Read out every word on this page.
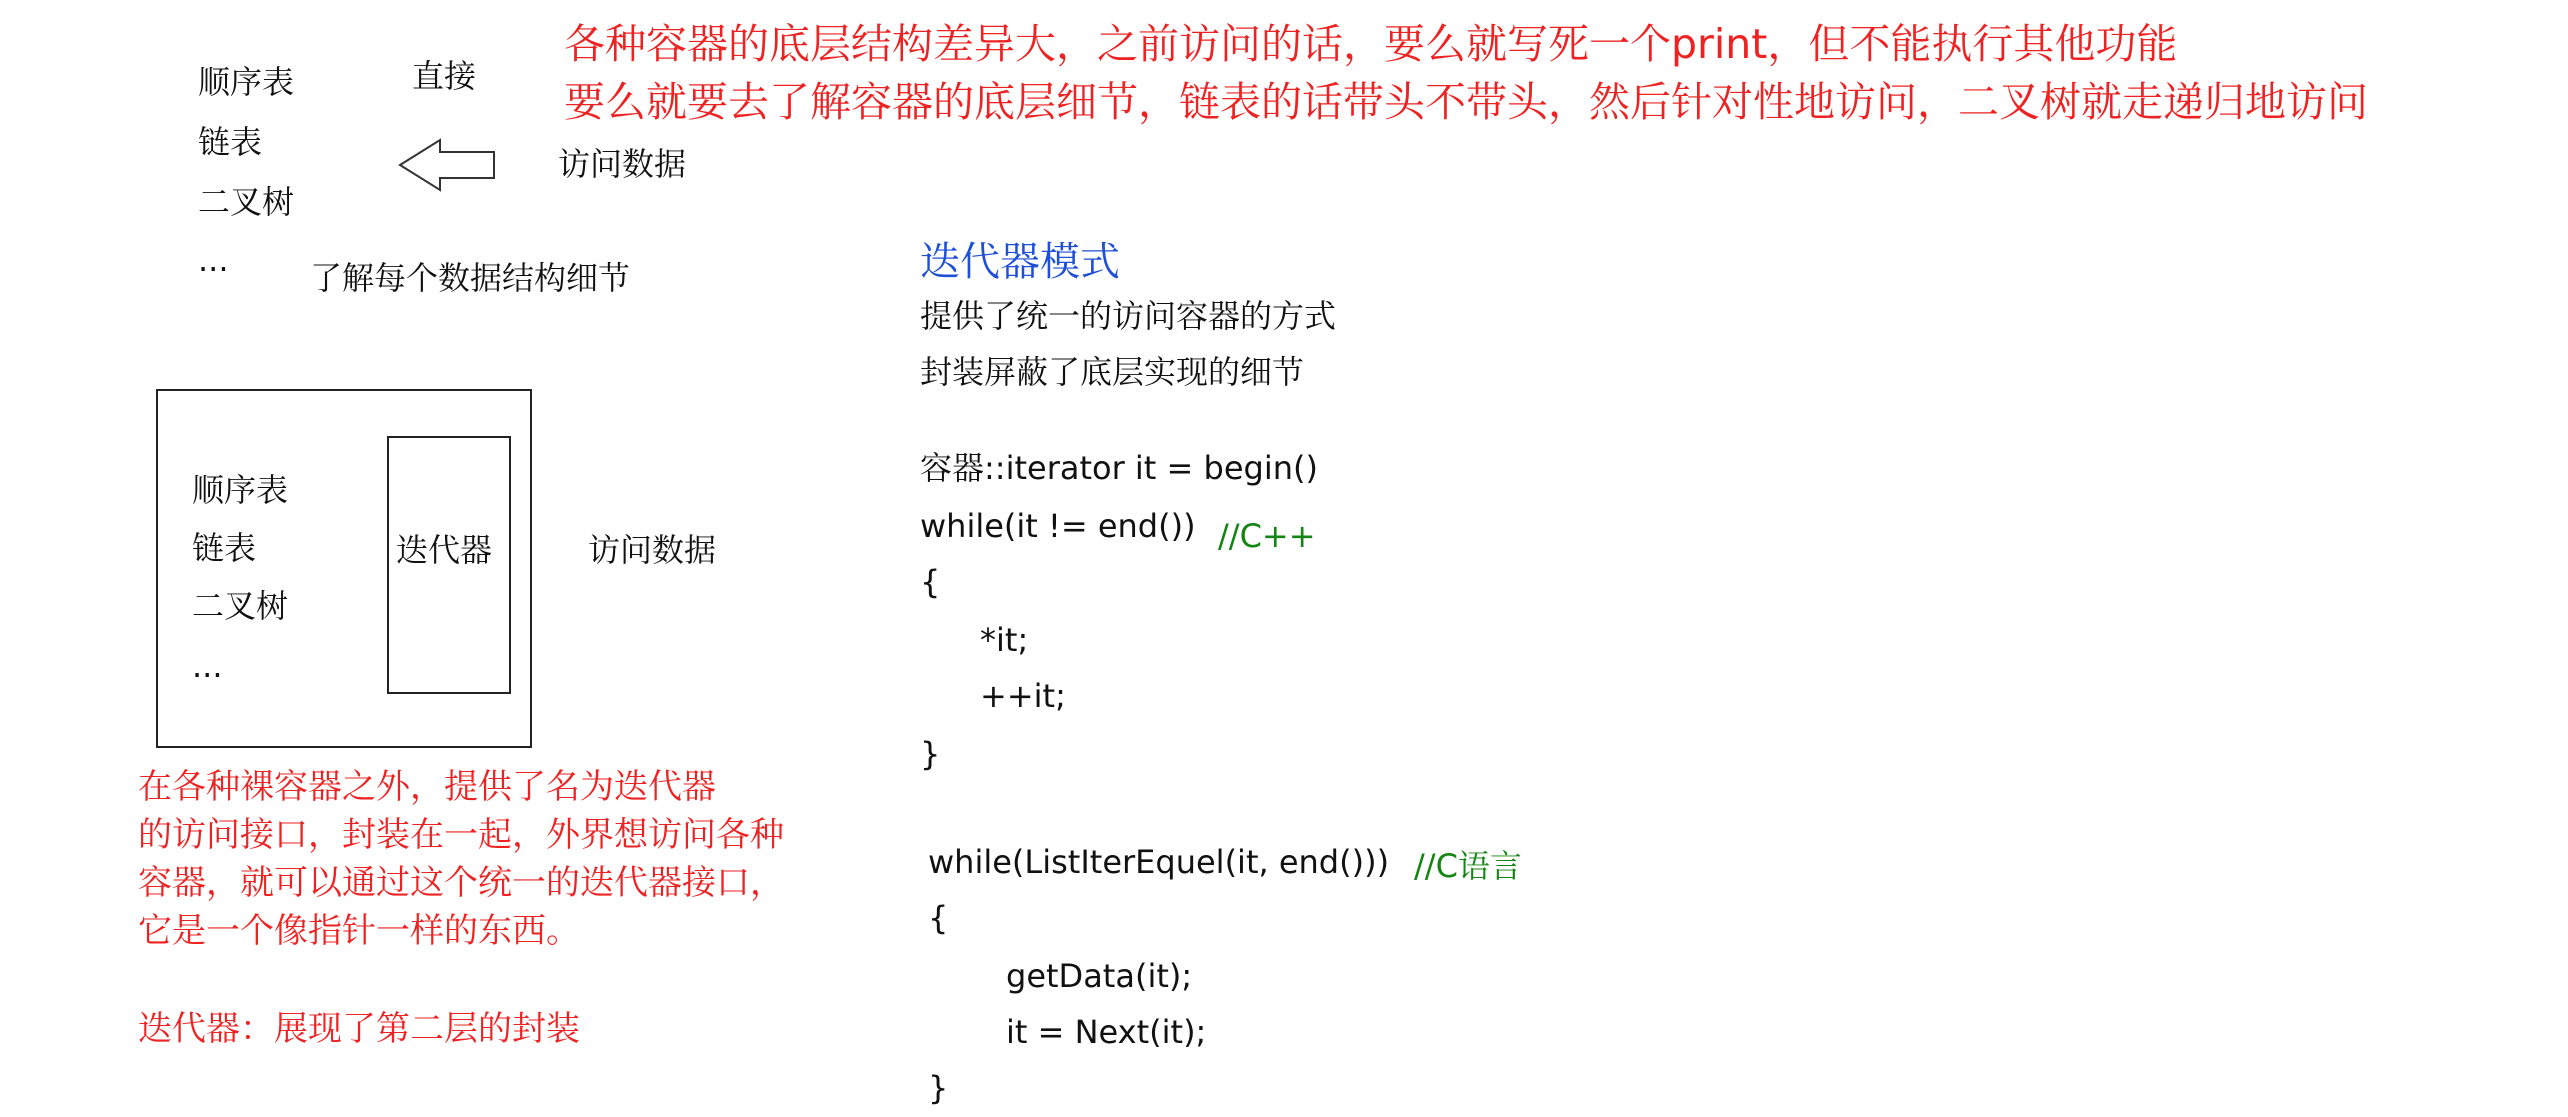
顺序表
链表
二叉树
...
直接
访问数据
了解每个数据结构细节
各种容器的底层结构差异大，之前访问的话，要么就写死一个print，但不能执行其他功能
要么就要去了解容器的底层细节，链表的话带头不带头，然后针对性地访问，二叉树就走递归地访问
顺序表
链表
二叉树
...
迭代器	访问数据
在各种裸容器之外，提供了名为迭代器
的访问接口，封装在一起，外界想访问各种
容器，就可以通过这个统一的迭代器接口，
它是一个像指针一样的东西。
迭代器：展现了第二层的封装
迭代器模式
提供了统一的访问容器的方式
封装屏蔽了底层实现的细节
容器::iterator it = begin()
while(it != end()) //C++
{
*it;
++it;
}
while(ListIterEquel(it, end())) //C语言
{
getData(it);
it = Next(it);
}
